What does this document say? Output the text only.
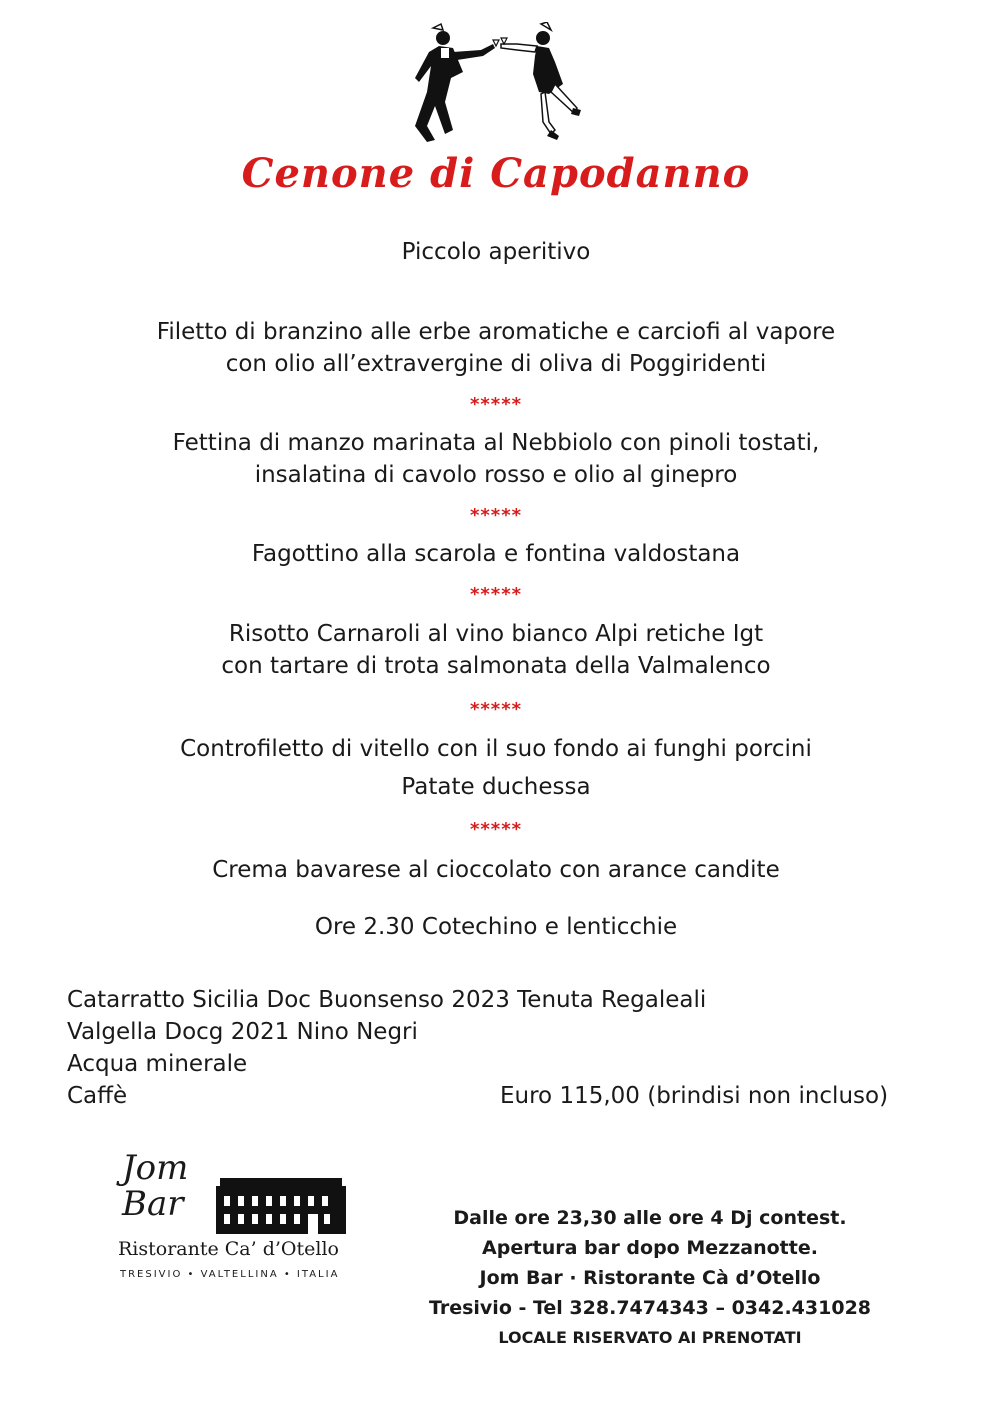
Cenone di Capodanno
Piccolo aperitivo
Filetto di branzino alle erbe aromatiche e carciofi al vapore
con olio all’extravergine di oliva di Poggiridenti
*****
Fettina di manzo marinata al Nebbiolo con pinoli tostati,
insalatina di cavolo rosso e olio al ginepro
*****
Fagottino alla scarola e fontina valdostana
*****
Risotto Carnaroli al vino bianco Alpi retiche Igt
con tartare di trota salmonata della Valmalenco
*****
Controfiletto di vitello con il suo fondo ai funghi porcini
Patate duchessa
*****
Crema bavarese al cioccolato con arance candite
Ore 2.30 Cotechino e lenticchie
Catarratto Sicilia Doc Buonsenso 2023 Tenuta Regaleali
Valgella Docg 2021 Nino Negri
Acqua minerale
Caffè	Euro 115,00 (brindisi non incluso)
Jom
Bar
Ristorante Ca’ d’Otello
TRESIVIO • VALTELLINA • ITALIA
Dalle ore 23,30 alle ore 4 Dj contest.
Apertura bar dopo Mezzanotte.
Jom Bar · Ristorante Cà d’Otello
Tresivio - Tel 328.7474343 – 0342.431028
LOCALE RISERVATO AI PRENOTATI
